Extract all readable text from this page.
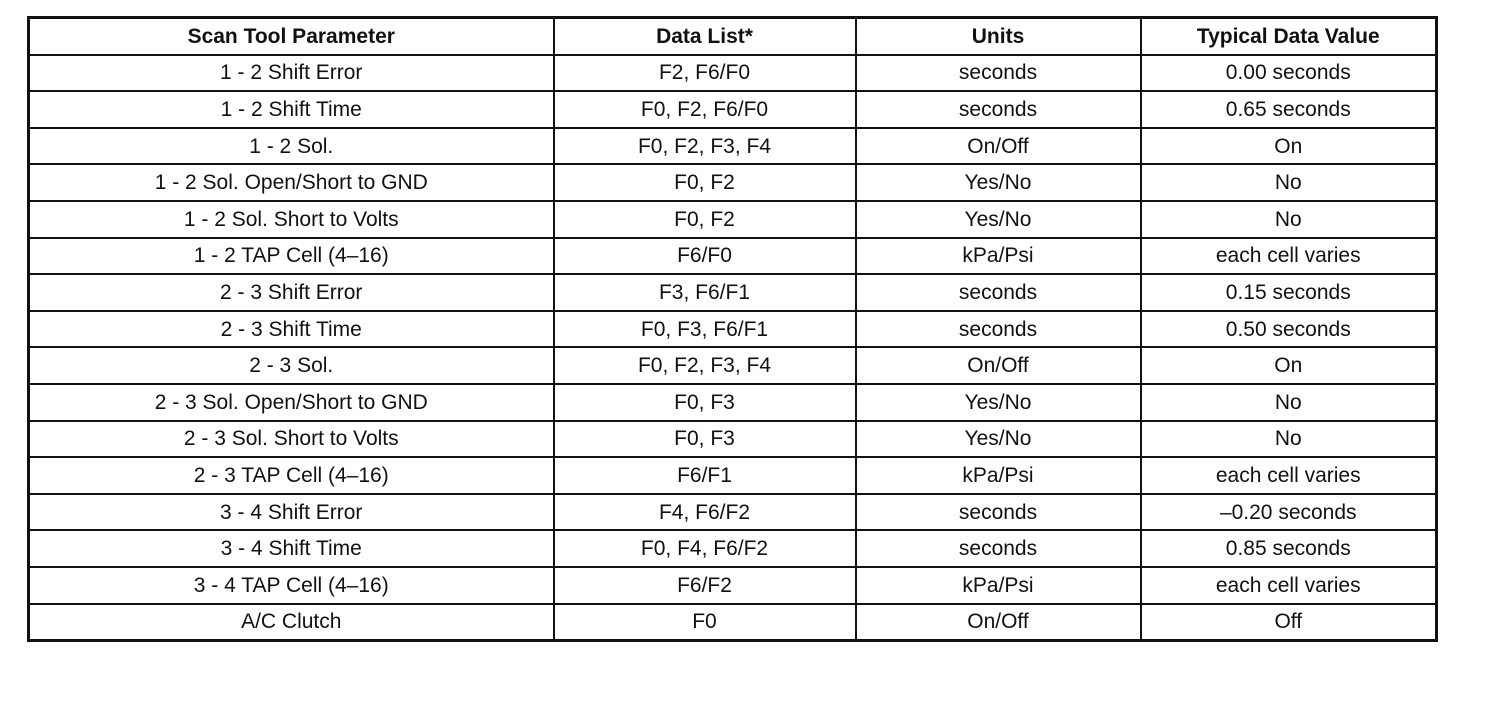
Scan Tool Parameter	Data List*	Units	Typical Data Value
1 - 2 Shift Error	F2, F6/F0	seconds	0.00 seconds
1 - 2 Shift Time	F0, F2, F6/F0	seconds	0.65 seconds
1 - 2 Sol.	F0, F2, F3, F4	On/Off	On
1 - 2 Sol. Open/Short to GND	F0, F2	Yes/No	No
1 - 2 Sol. Short to Volts	F0, F2	Yes/No	No
1 - 2 TAP Cell (4–16)	F6/F0	kPa/Psi	each cell varies
2 - 3 Shift Error	F3, F6/F1	seconds	0.15 seconds
2 - 3 Shift Time	F0, F3, F6/F1	seconds	0.50 seconds
2 - 3 Sol.	F0, F2, F3, F4	On/Off	On
2 - 3 Sol. Open/Short to GND	F0, F3	Yes/No	No
2 - 3 Sol. Short to Volts	F0, F3	Yes/No	No
2 - 3 TAP Cell (4–16)	F6/F1	kPa/Psi	each cell varies
3 - 4 Shift Error	F4, F6/F2	seconds	–0.20 seconds
3 - 4 Shift Time	F0, F4, F6/F2	seconds	0.85 seconds
3 - 4 TAP Cell (4–16)	F6/F2	kPa/Psi	each cell varies
A/C Clutch	F0	On/Off	Off
